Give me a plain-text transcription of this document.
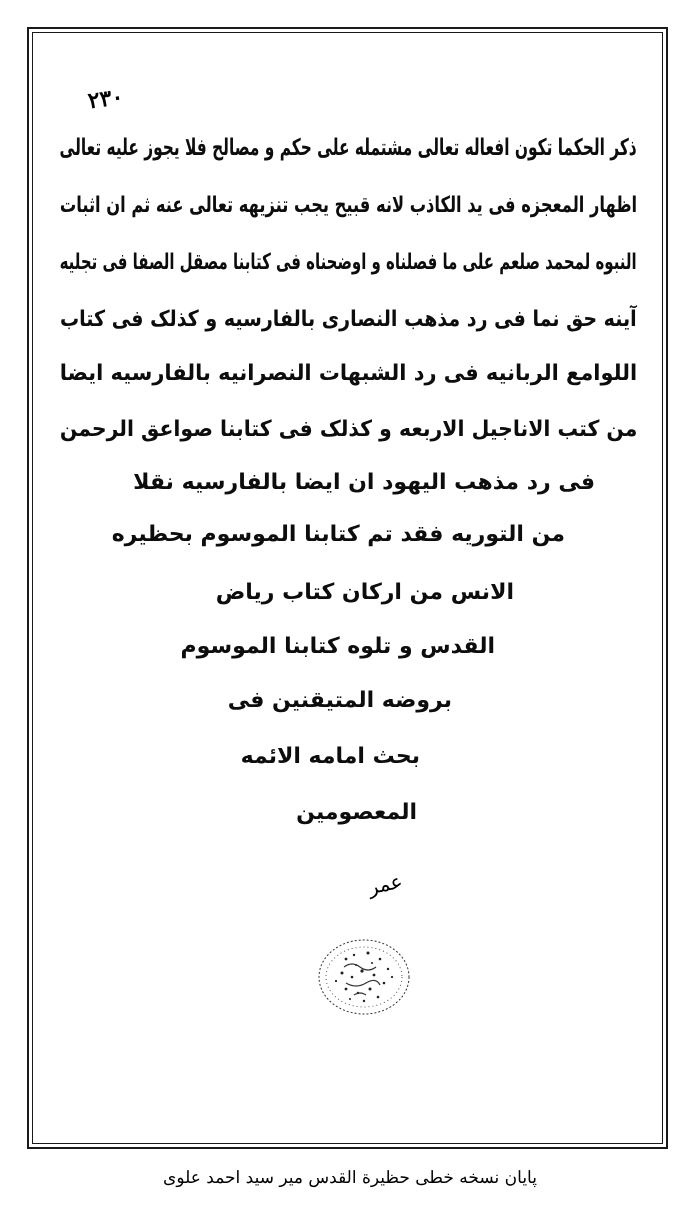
۲۳۰
ذکر الحکما تکون افعاله تعالی مشتمله علی حکم و مصالح فلا یجوز علیه تعالی
اظهار المعجزه فی ید الکاذب لانه قبیح یجب تنزیهه تعالی عنه ثم ان اثبات
النبوه لمحمد صلعم علی ما فصلناه و اوضحناه فی کتابنا مصقل الصفا فی تجلیه
آینه حق نما فی رد مذهب النصاری بالفارسیه و کذلک فی کتاب
اللوامع الربانیه فی رد الشبهات النصرانیه بالفارسیه ایضا
من کتب الاناجیل الاربعه و کذلک فی کتابنا صواعق الرحمن
فی رد مذهب الیهود ان ایضا بالفارسیه نقلا
من التوریه فقد تم کتابنا الموسوم بحظیره
الانس من ارکان کتاب ریاض
القدس و تلوه کتابنا الموسوم
بروضه المتیقنین فی
بحث امامه الائمه
المعصومین
عمر
پایان نسخه خطی حظیرة القدس میر سید احمد علوی
